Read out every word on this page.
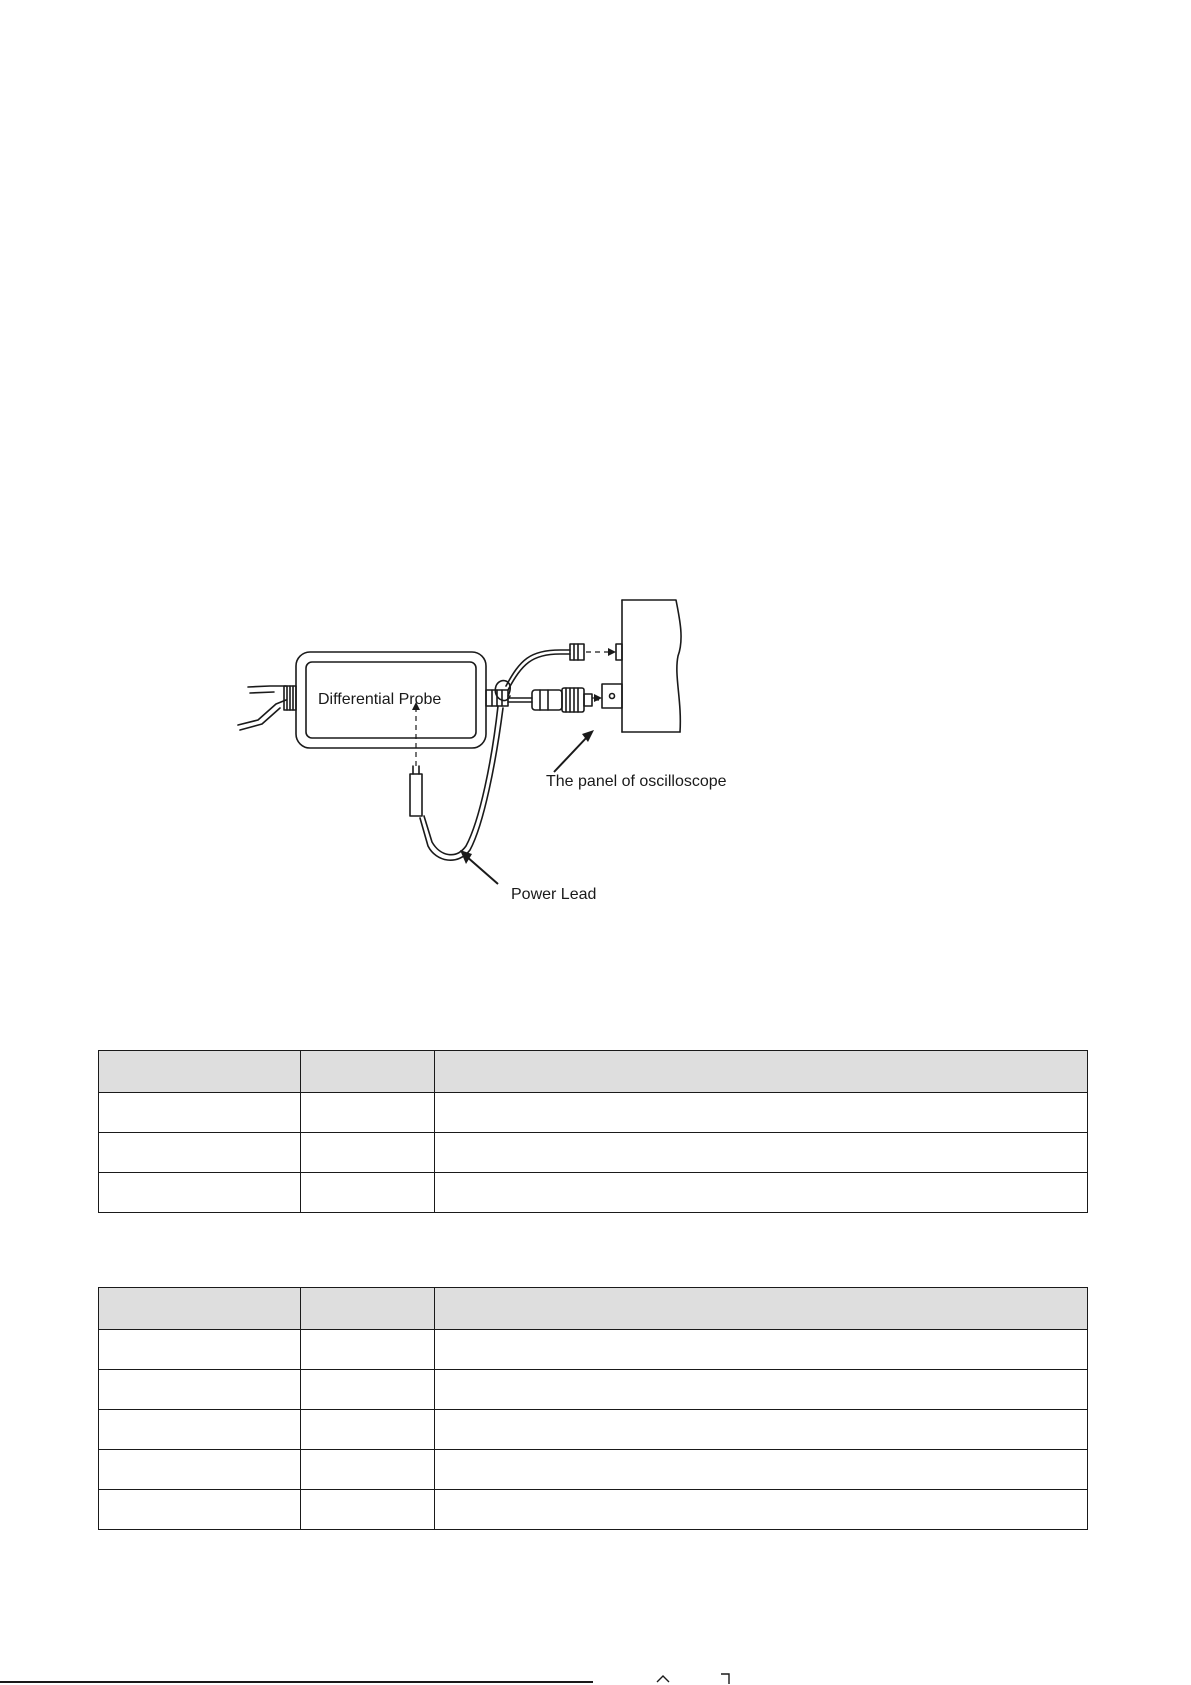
Differential Probe
The panel of oscilloscope
Power Lead
